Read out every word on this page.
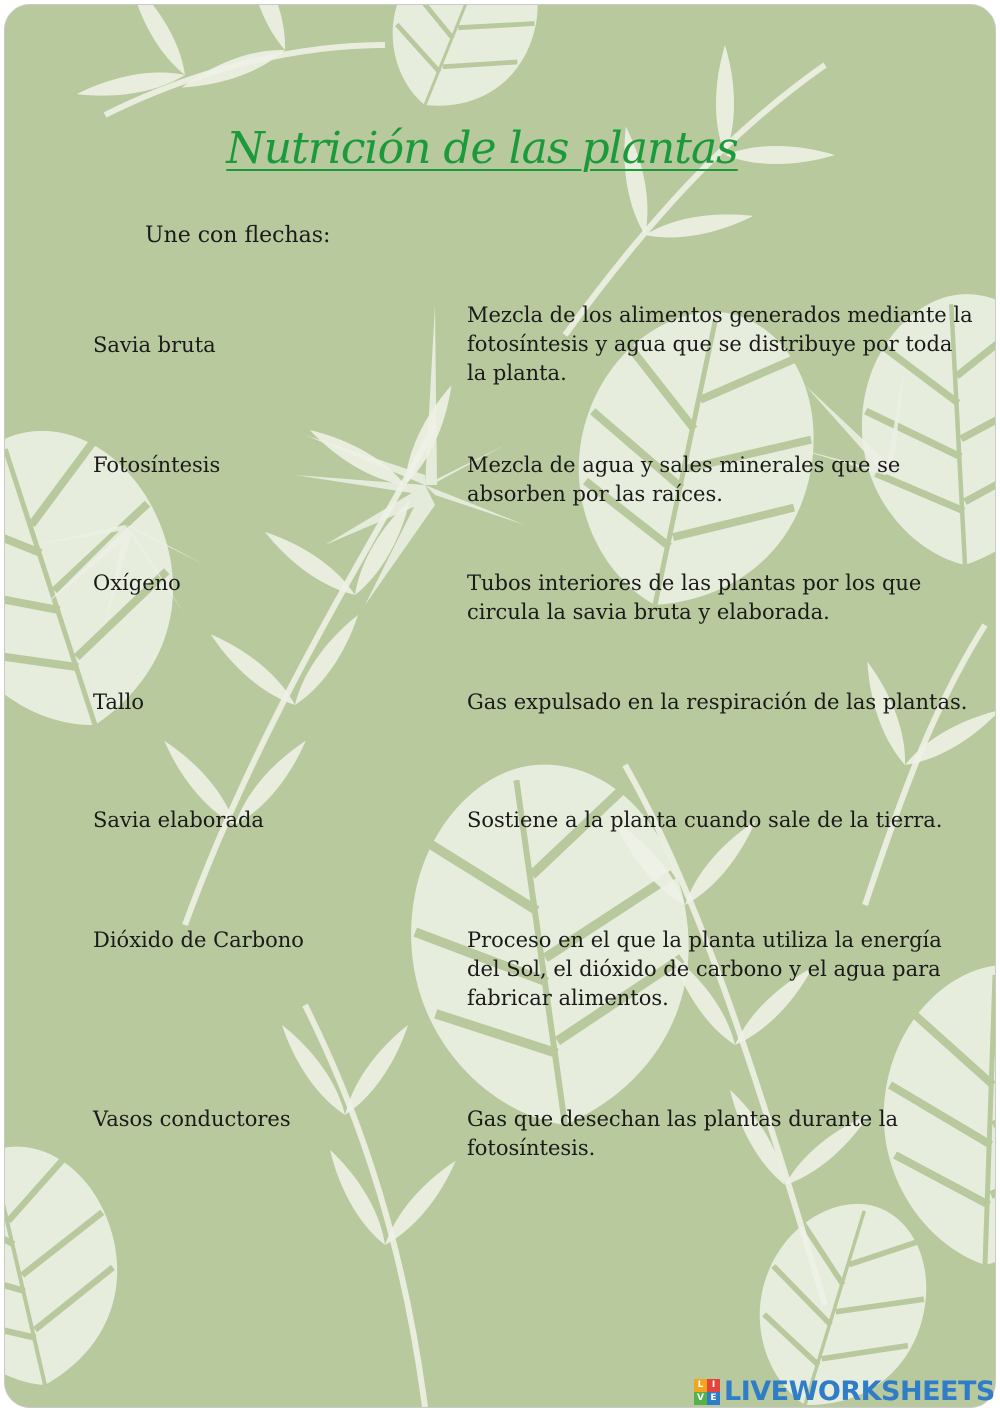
Nutrición de las plantas
Une con flechas:
Savia bruta
Fotosíntesis
Oxígeno
Tallo
Savia elaborada
Dióxido de Carbono
Vasos conductores
Mezcla de los alimentos generados mediante la fotosíntesis y agua que se distribuye por toda la planta.
Mezcla de agua y sales minerales que se absorben por las raíces.
Tubos interiores de las plantas por los que circula la savia bruta y elaborada.
Gas expulsado en la respiración de las plantas.
Sostiene a la planta cuando sale de la tierra.
Proceso en el que la planta utiliza la energía del Sol, el dióxido de carbono y el agua para fabricar alimentos.
Gas que desechan las plantas durante la fotosíntesis.
L I
V E LIVEWORKSHEETS
